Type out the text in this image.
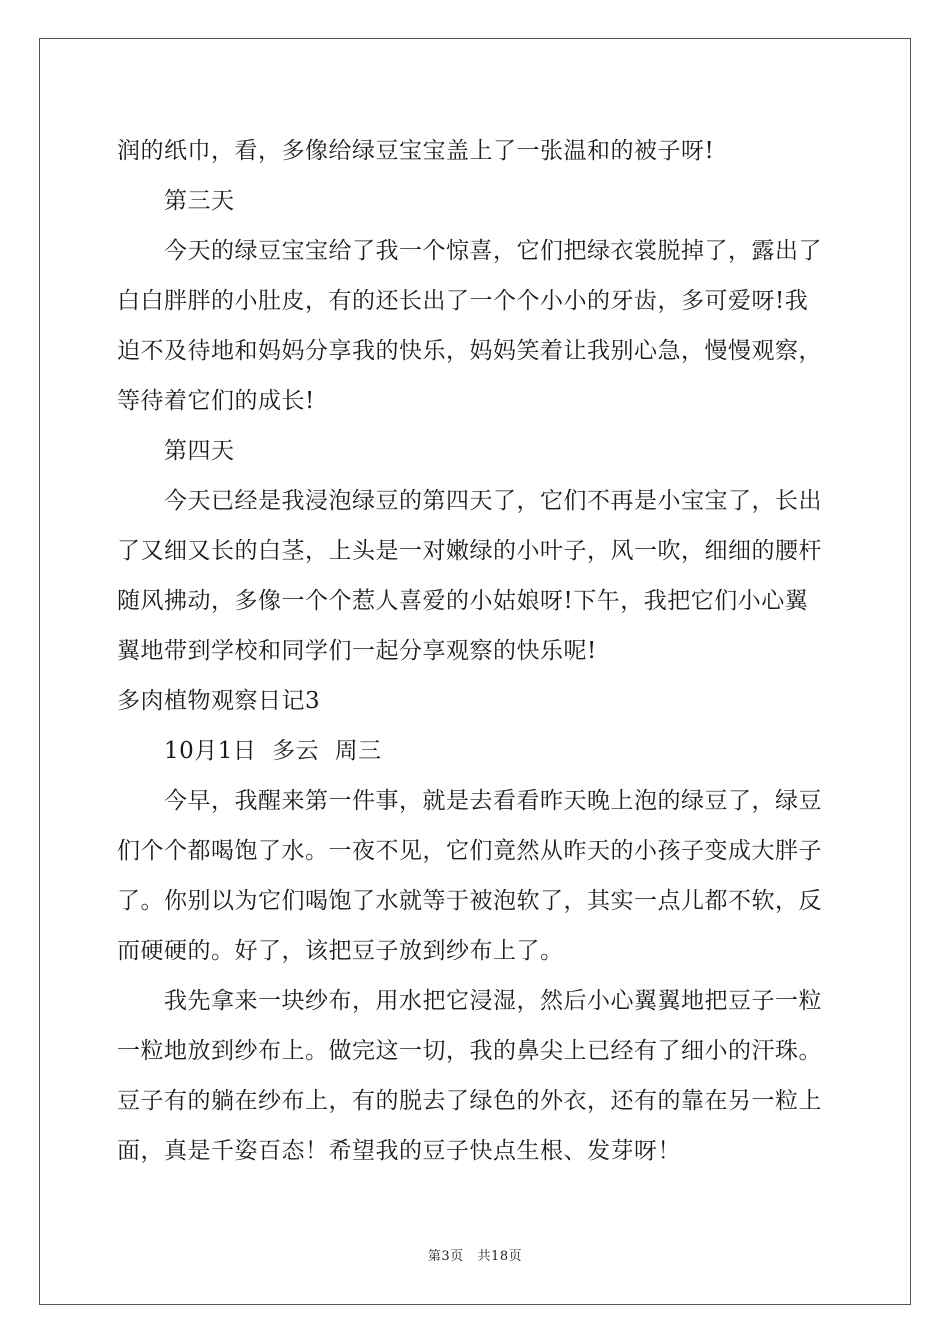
润的纸巾，看，多像给绿豆宝宝盖上了一张温和的被子呀!
第三天
今天的绿豆宝宝给了我一个惊喜，它们把绿衣裳脱掉了，露出了
白白胖胖的小肚皮，有的还长出了一个个小小的牙齿，多可爱呀!我
迫不及待地和妈妈分享我的快乐，妈妈笑着让我别心急，慢慢观察，
等待着它们的成长!
第四天
今天已经是我浸泡绿豆的第四天了，它们不再是小宝宝了，长出
了又细又长的白茎，上头是一对嫩绿的小叶子，风一吹，细细的腰杆
随风拂动，多像一个个惹人喜爱的小姑娘呀!下午，我把它们小心翼
翼地带到学校和同学们一起分享观察的快乐呢!
多肉植物观察日记3
10月1日  多云  周三
今早，我醒来第一件事，就是去看看昨天晚上泡的绿豆了，绿豆
们个个都喝饱了水。一夜不见，它们竟然从昨天的小孩子变成大胖子
了。你别以为它们喝饱了水就等于被泡软了，其实一点儿都不软，反
而硬硬的。好了，该把豆子放到纱布上了。
我先拿来一块纱布，用水把它浸湿，然后小心翼翼地把豆子一粒
一粒地放到纱布上。做完这一切，我的鼻尖上已经有了细小的汗珠。
豆子有的躺在纱布上，有的脱去了绿色的外衣，还有的靠在另一粒上
面，真是千姿百态！希望我的豆子快点生根、发芽呀！
第3页   共18页
